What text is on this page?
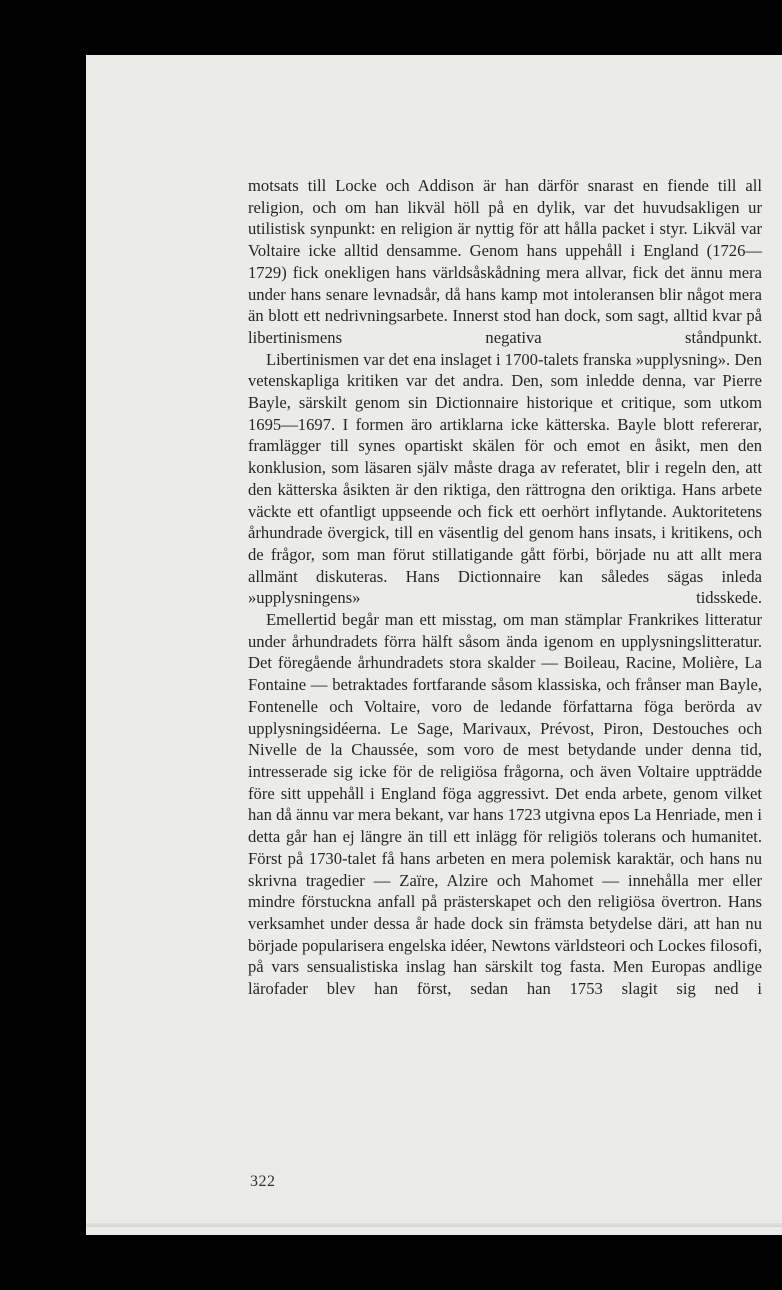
motsats till Locke och Addison är han därför snarast en fiende till all religion, och om han likväl höll på en dylik, var det huvudsakligen ur utilistisk synpunkt: en religion är nyttig för att hålla packet i styr. Likväl var Voltaire icke alltid densamme. Genom hans uppehåll i England (1726—1729) fick onekligen hans världsåskådning mera allvar, fick det ännu mera under hans senare levnadsår, då hans kamp mot intoleransen blir något mera än blott ett nedrivningsarbete. Innerst stod han dock, som sagt, alltid kvar på libertinismens negativa ståndpunkt.

Libertinismen var det ena inslaget i 1700-talets franska »upplysning». Den vetenskapliga kritiken var det andra. Den, som inledde denna, var Pierre Bayle, särskilt genom sin Dictionnaire historique et critique, som utkom 1695—1697. I formen äro artiklarna icke kätterska. Bayle blott refererar, framlägger till synes opartiskt skälen för och emot en åsikt, men den konklusion, som läsaren själv måste draga av referatet, blir i regeln den, att den kätterska åsikten är den riktiga, den rättrogna den oriktiga. Hans arbete väckte ett ofantligt uppseende och fick ett oerhört inflytande. Auktoritetens århundrade övergick, till en väsentlig del genom hans insats, i kritikens, och de frågor, som man förut stillatigande gått förbi, började nu att allt mera allmänt diskuteras. Hans Dictionnaire kan således sägas inleda »upplysningens» tidsskede.

Emellertid begår man ett misstag, om man stämplar Frankrikes litteratur under århundradets förra hälft såsom ända igenom en upplysningslitteratur. Det föregående århundradets stora skalder — Boileau, Racine, Molière, La Fontaine — betraktades fortfarande såsom klassiska, och frånser man Bayle, Fontenelle och Voltaire, voro de ledande författarna föga berörda av upplysningsidéerna. Le Sage, Marivaux, Prévost, Piron, Destouches och Nivelle de la Chaussée, som voro de mest betydande under denna tid, intresserade sig icke för de religiösa frågorna, och även Voltaire uppträdde före sitt uppehåll i England föga aggressivt. Det enda arbete, genom vilket han då ännu var mera bekant, var hans 1723 utgivna epos La Henriade, men i detta går han ej längre än till ett inlägg för religiös tolerans och humanitet. Först på 1730-talet få hans arbeten en mera polemisk karaktär, och hans nu skrivna tragedier — Zaïre, Alzire och Mahomet — innehålla mer eller mindre förstuckna anfall på prästerskapet och den religiösa övertron. Hans verksamhet under dessa år hade dock sin främsta betydelse däri, att han nu började popularisera engelska idéer, Newtons världsteori och Lockes filosofi, på vars sensualistiska inslag han särskilt tog fasta. Men Europas andlige lärofader blev han först, sedan han 1753 slagit sig ned i

322
